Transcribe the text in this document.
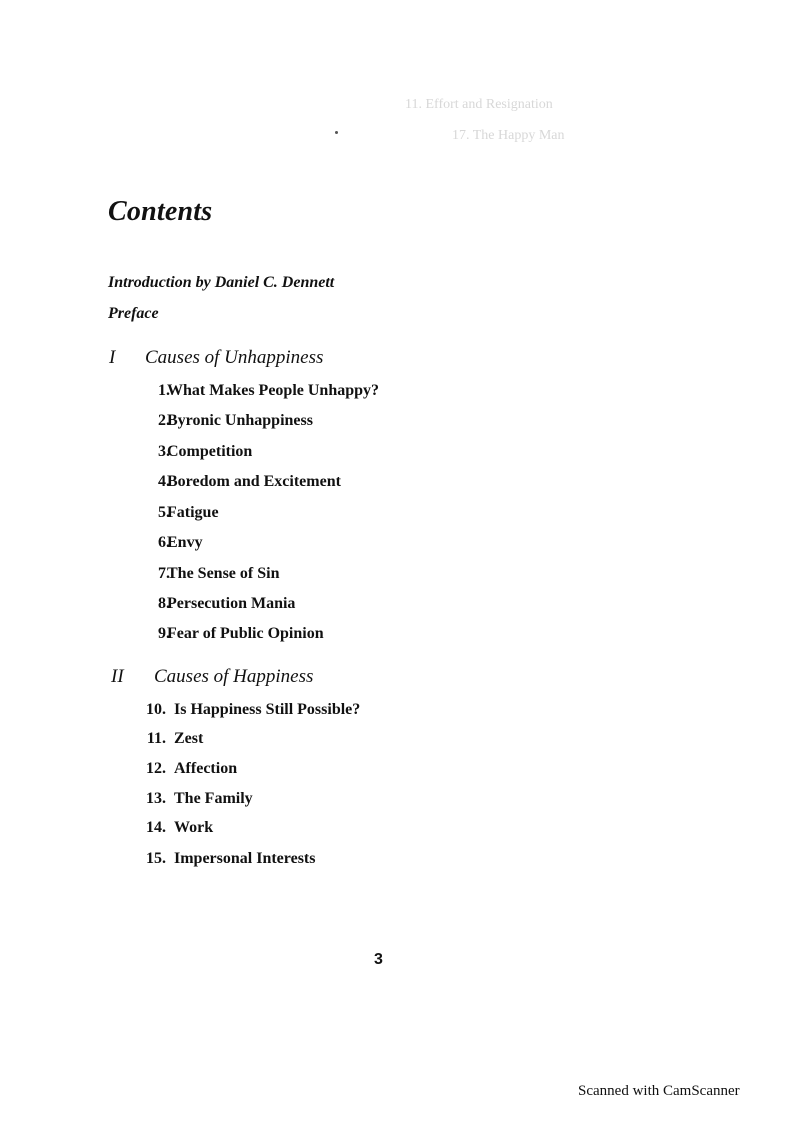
11. Effort and Resignation
17. The Happy Man
Contents
Introduction by Daniel C. Dennett
Preface
I Causes of Unhappiness
1.
What Makes People Unhappy?
2.
Byronic Unhappiness
3.
Competition
4.
Boredom and Excitement
5.
Fatigue
6.
Envy
7.
The Sense of Sin
8.
Persecution Mania
9.
Fear of Public Opinion
II Causes of Happiness
10. Is Happiness Still Possible?
11. Zest
12. Affection
13. The Family
14. Work
15. Impersonal Interests
3
Scanned with CamScanner
